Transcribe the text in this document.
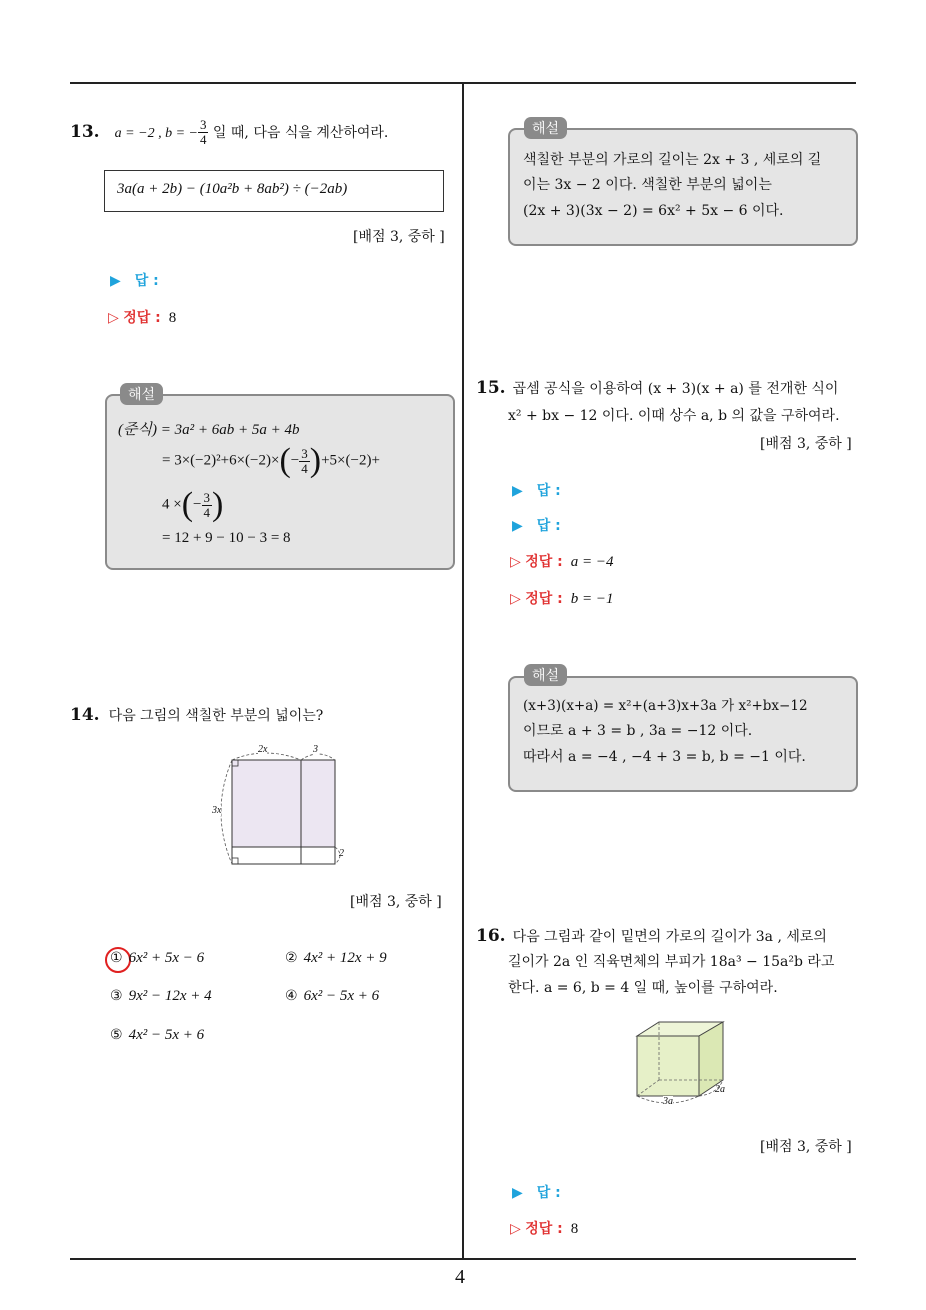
4
13. a = −2 , b = − $\frac{3}{4}$ 일 때, 다음 식을 계산하여라.
3a(a + 2b) − (10a²b + 8ab²) ÷ (−2ab)
[배점 3, 중하 ]
▶ 답 :
▷ 정답 : 8
해설
(준식) = 3a² + 6ab + 5a + 4b
= $3\times(-2)^2+6\times(-2)\times(- \frac{3}{4} )+5\times(-2)+$
4 ×(− $\frac{3}{4}$ )
= 12 + 9 − 10 − 3 = 8
14. 다음 그림의 색칠한 부분의 넓이는?
2x	3
3x
2
[배점 3, 중하 ]
① 6x² + 5x − 6	② 4x² + 12x + 9
③ 9x² − 12x + 4	④ 6x² − 5x + 6
⑤ 4x² − 5x + 6
해설
색칠한 부분의 가로의 길이는 2x + 3 , 세로의 길
이는 3x − 2 이다. 색칠한 부분의 넓이는
(2x + 3)(3x − 2) = 6x² + 5x − 6 이다.
15. 곱셈 공식을 이용하여 (x + 3)(x + a) 를 전개한 식이
x² + bx − 12 이다. 이때 상수 a, b 의 값을 구하여라.
[배점 3, 중하 ]
▶ 답 :
▶ 답 :
▷ 정답 : a = −4
▷ 정답 : b = −1
해설
(x+3)(x+a) = x²+(a+3)x+3a 가 x²+bx−12
이므로 a + 3 = b , 3a = −12 이다.
따라서 a = −4 , −4 + 3 = b, b = −1 이다.
16. 다음 그림과 같이 밑면의 가로의 길이가 3a , 세로의
길이가 2a 인 직육면체의 부피가 18a³ − 15a²b 라고
한다. a = 6, b = 4 일 때, 높이를 구하여라.
3a
2a
[배점 3, 중하 ]
▶ 답 :
▷ 정답 : 8
